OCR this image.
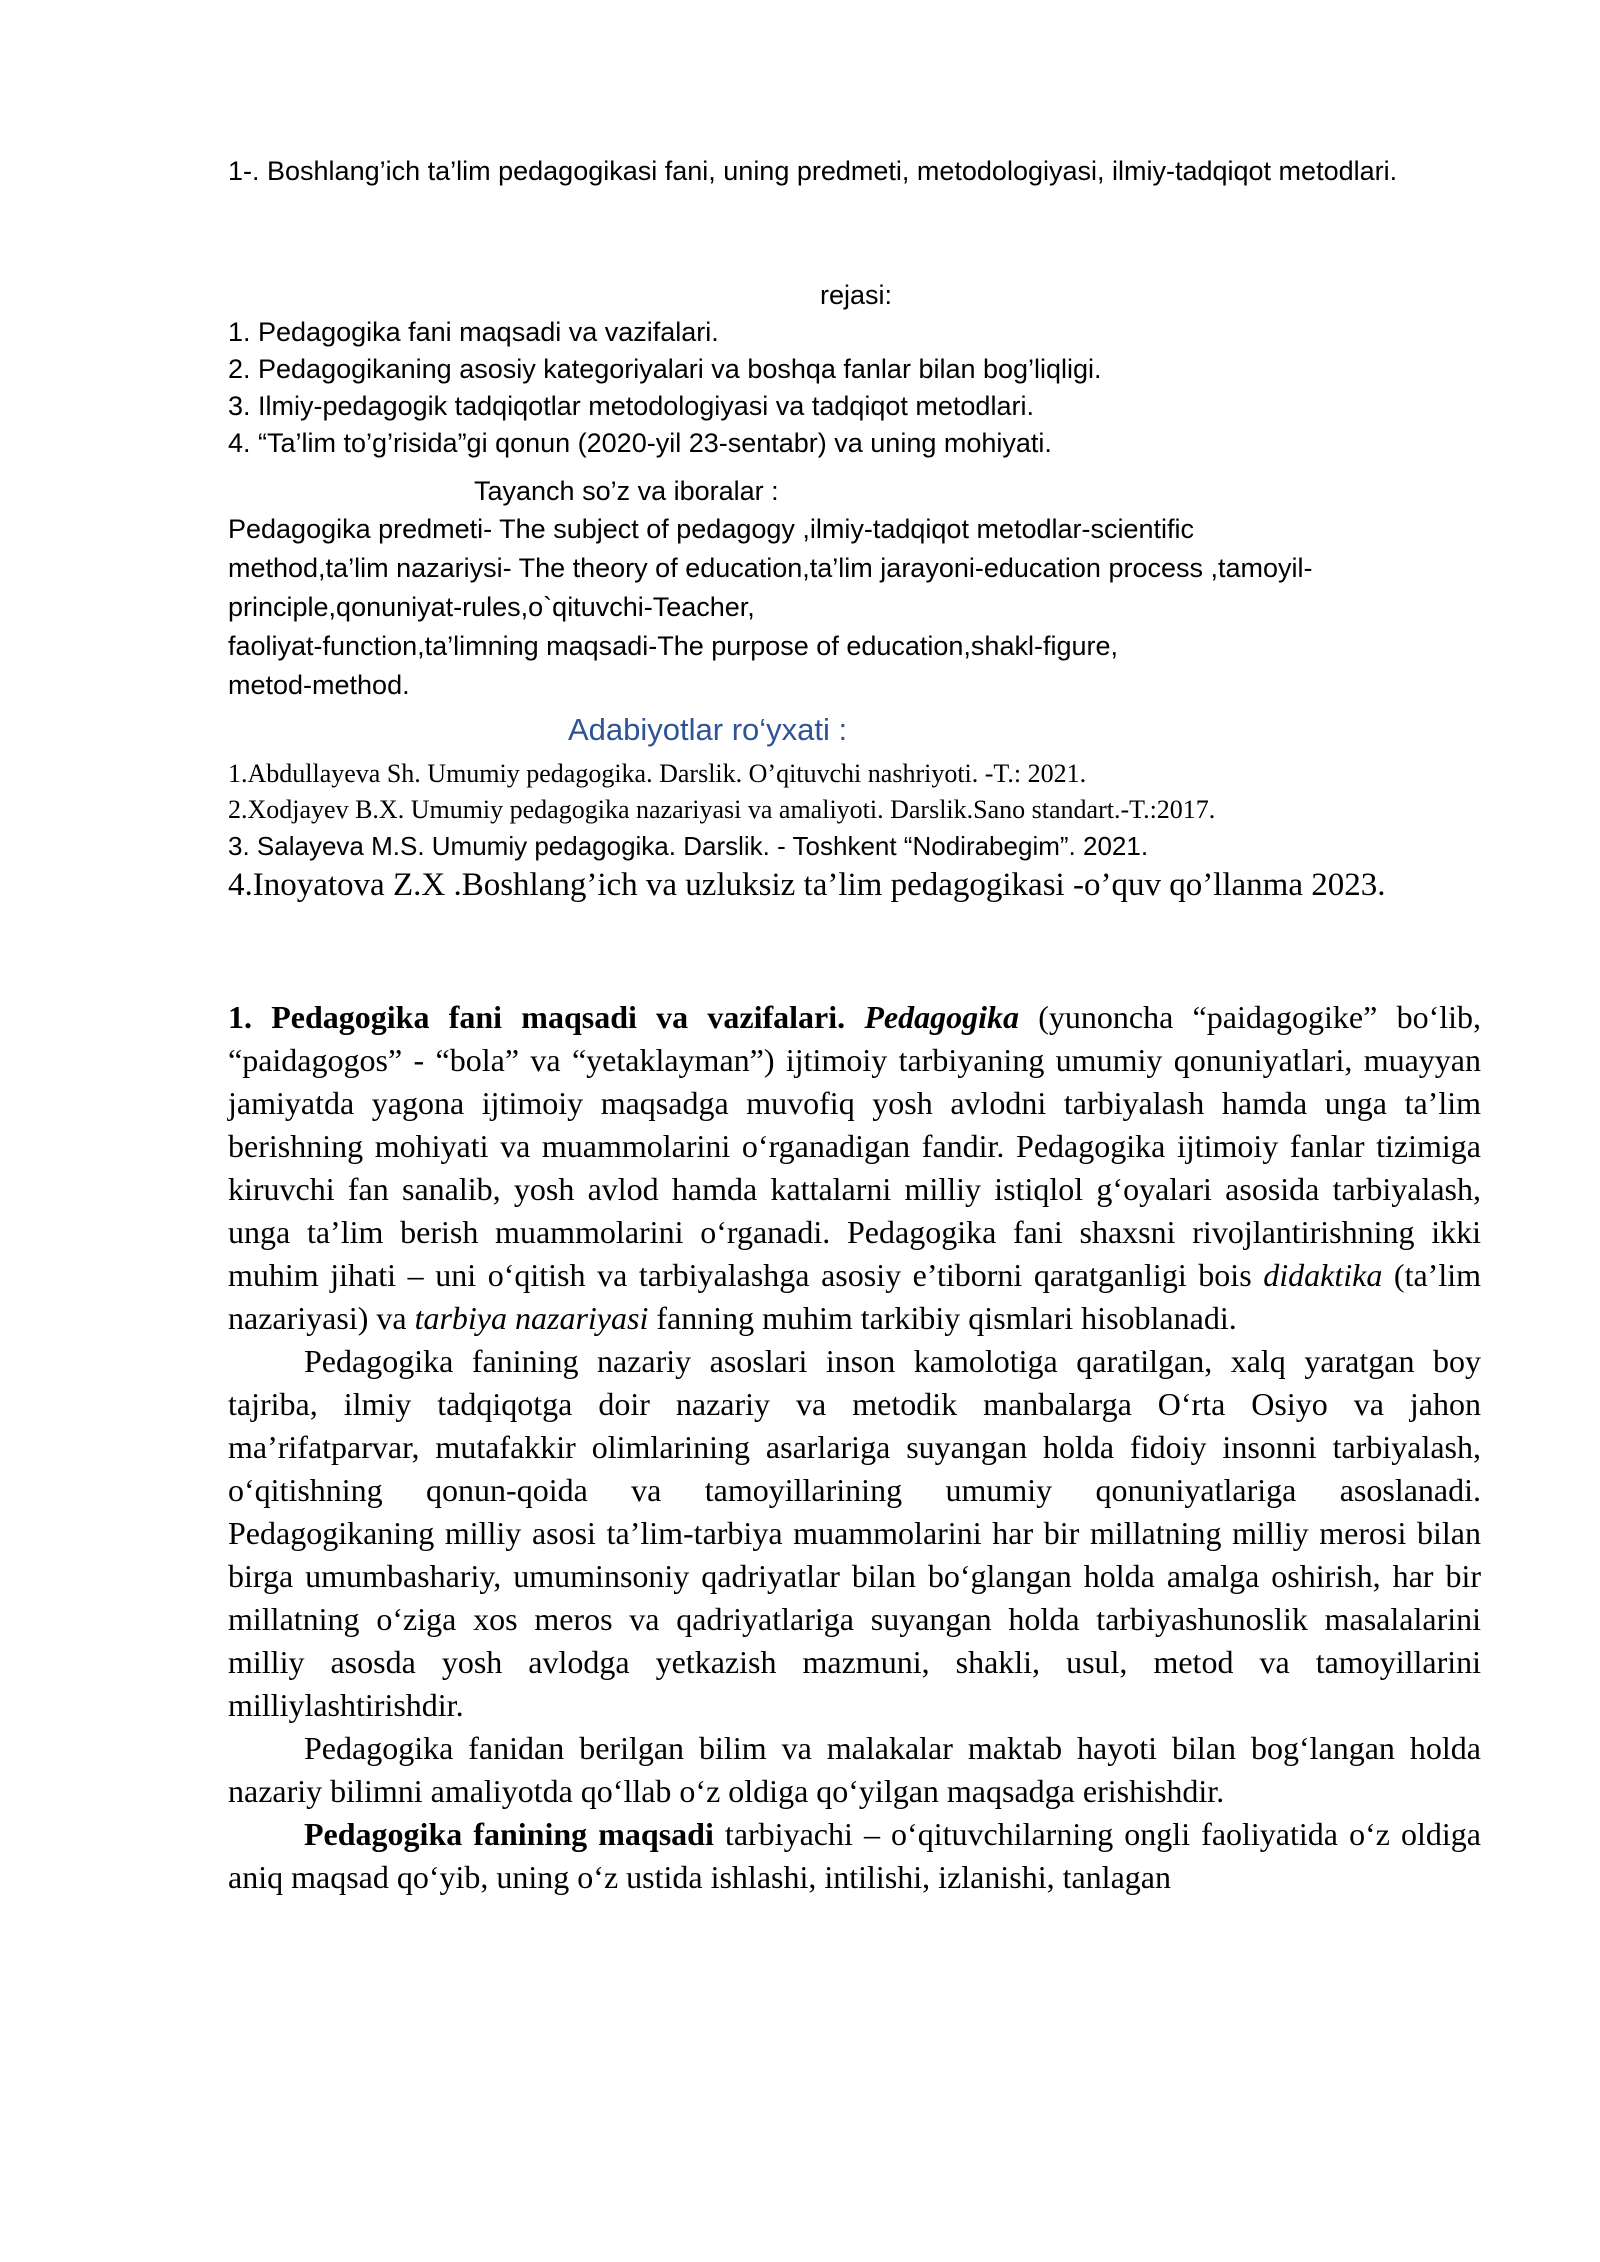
1-. Boshlang’ich ta’lim pedagogikasi fani, uning predmeti, metodologiyasi, ilmiy-tadqiqot metodlari.
rejasi:
1. Pedagogika fani maqsadi va vazifalari.
2. Pedagogikaning asosiy kategoriyalari va boshqa fanlar bilan bog’liqligi.
3. Ilmiy-pedagogik tadqiqotlar metodologiyasi va tadqiqot metodlari.
4. “Ta’lim to’g’risida”gi qonun (2020-yil 23-sentabr) va uning mohiyati.
Tayanch so’z va iboralar :
Pedagogika predmeti- The subject of pedagogy ,ilmiy-tadqiqot metodlar-scientific
method,ta’lim nazariysi- The theory of education,ta’lim jarayoni-education process ,tamoyil-
principle,qonuniyat-rules,o`qituvchi-Teacher,
faoliyat-function,ta’limning maqsadi-The purpose of education,shakl-figure,
metod-method.
Adabiyotlar ro‘yxati :
1.Abdullayeva Sh. Umumiy pedagogika. Darslik. O’qituvchi nashriyoti. -T.: 2021.
2.Xodjayev B.X. Umumiy pedagogika nazariyasi va amaliyoti. Darslik.Sano standart.-T.:2017.
3. Salayeva M.S. Umumiy pedagogika. Darslik. - Toshkent “Nodirabegim”. 2021.
4.Inoyatova Z.X .Boshlang’ich va uzluksiz ta’lim pedagogikasi -o’quv qo’llanma 2023.

1. Pedagogika fani maqsadi va vazifalari. Pedagogika (yunoncha “paidagogike” bo‘lib, “paidagogos” - “bola” va “yetaklayman”) ijtimoiy tarbiyaning umumiy qonuniyatlari, muayyan jamiyatda yagona ijtimoiy maqsadga muvofiq yosh avlodni tarbiyalash hamda unga ta’lim berishning mohiyati va muammolarini o‘rganadigan fandir. Pedagogika ijtimoiy fanlar tizimiga kiruvchi fan sanalib, yosh avlod hamda kattalarni milliy istiqlol g‘oyalari asosida tarbiyalash, unga ta’lim berish muammolarini o‘rganadi. Pedagogika fani shaxsni rivojlantirishning ikki muhim jihati – uni o‘qitish va tarbiyalashga asosiy e’tiborni qaratganligi bois didaktika (ta’lim nazariyasi) va tarbiya nazariyasi fanning muhim tarkibiy qismlari hisoblanadi.

Pedagogika fanining nazariy asoslari inson kamolotiga qaratilgan, xalq yaratgan boy tajriba, ilmiy tadqiqotga doir nazariy va metodik manbalarga O‘rta Osiyo va jahon ma’rifatparvar, mutafakkir olimlarining asarlariga suyangan holda fidoiy insonni tarbiyalash, o‘qitishning qonun-qoida va tamoyillarining umumiy qonuniyatlariga asoslanadi. Pedagogikaning milliy asosi ta’lim-tarbiya muammolarini har bir millatning milliy merosi bilan birga umumbashariy, umuminsoniy qadriyatlar bilan bo‘glangan holda amalga oshirish, har bir millatning o‘ziga xos meros va qadriyatlariga suyangan holda tarbiyashunoslik masalalarini milliy asosda yosh avlodga yetkazish mazmuni, shakli, usul, metod va tamoyillarini milliylashtirishdir.

Pedagogika fanidan berilgan bilim va malakalar maktab hayoti bilan bog‘langan holda nazariy bilimni amaliyotda qo‘llab o‘z oldiga qo‘yilgan maqsadga erishishdir.

Pedagogika fanining maqsadi tarbiyachi – o‘qituvchilarning ongli faoliyatida o‘z oldiga aniq maqsad qo‘yib, uning o‘z ustida ishlashi, intilishi, izlanishi, tanlagan
